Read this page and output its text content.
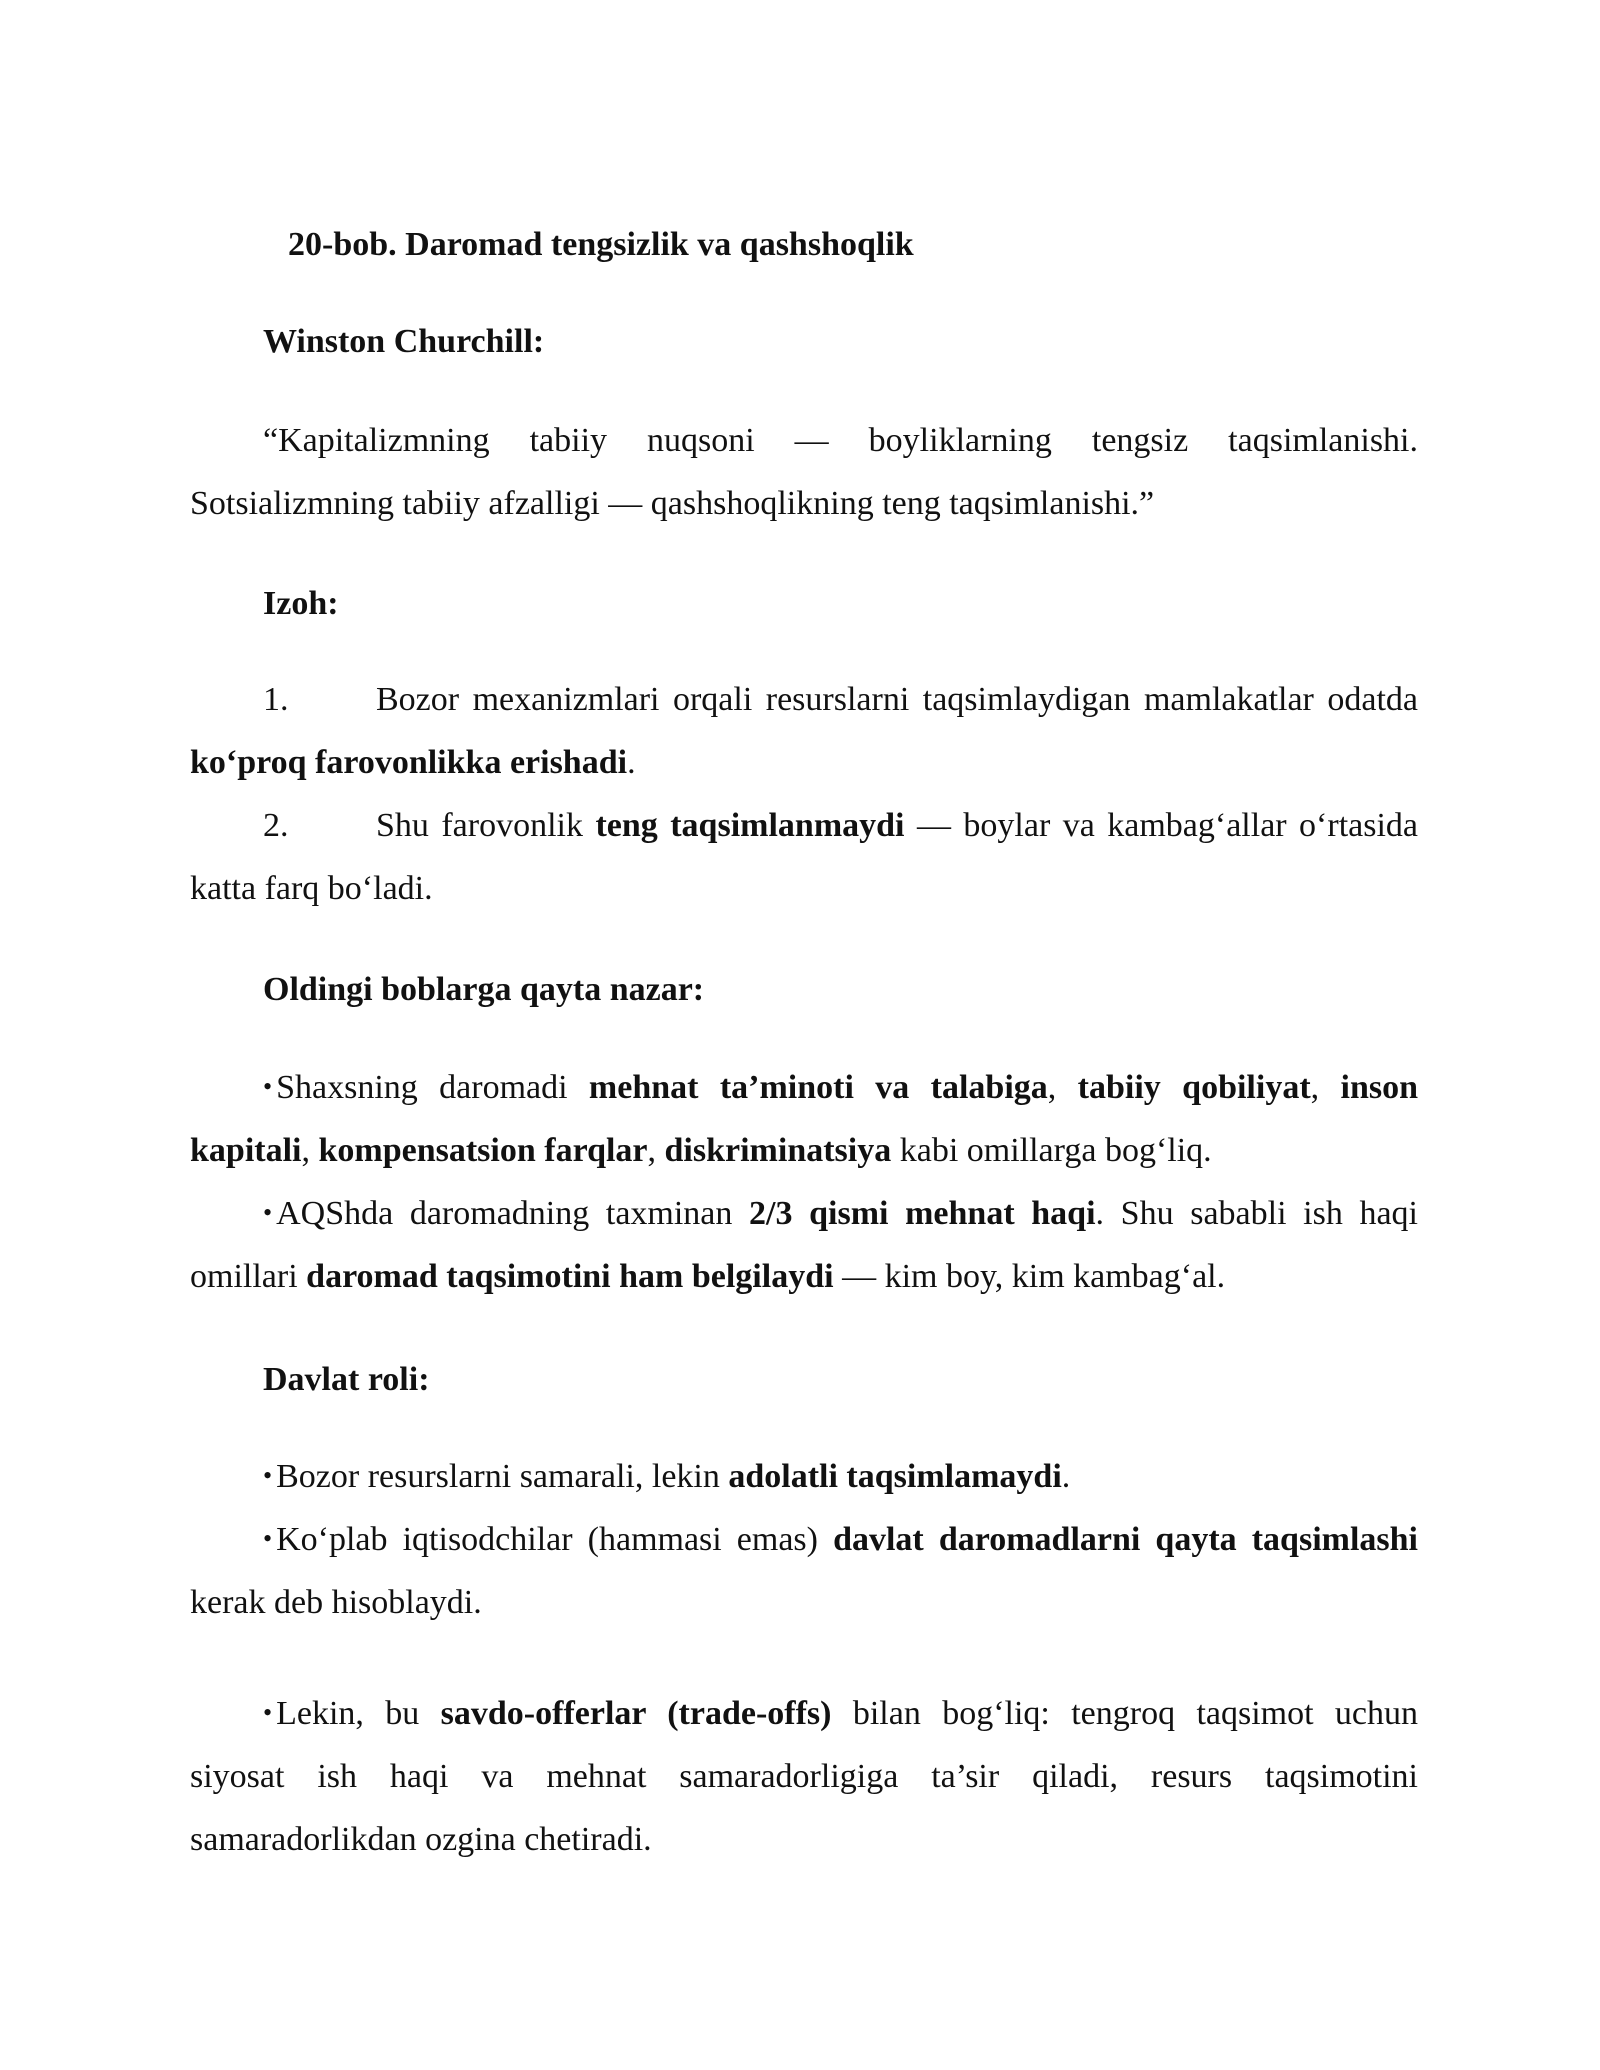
20-bob. Daromad tengsizlik va qashshoqlik
Winston Churchill:

“Kapitalizmning tabiiy nuqsoni — boyliklarning tengsiz taqsimlanishi. Sotsializmning tabiiy afzalligi — qashshoqlikning teng taqsimlanishi.”

Izoh:

1.	Bozor mexanizmlari orqali resurslarni taqsimlaydigan mamlakatlar odatda ko‘proq farovonlikka erishadi.

2.	Shu farovonlik teng taqsimlanmaydi — boylar va kambag‘allar o‘rtasida katta farq bo‘ladi.

Oldingi boblarga qayta nazar:

• Shaxsning daromadi mehnat ta’minoti va talabiga, tabiiy qobiliyat, inson kapitali, kompensatsion farqlar, diskriminatsiya kabi omillarga bog‘liq.

• AQShda daromadning taxminan 2/3 qismi mehnat haqi. Shu sababli ish haqi omillari daromad taqsimotini ham belgilaydi — kim boy, kim kambag‘al.

Davlat roli:

• Bozor resurslarni samarali, lekin adolatli taqsimlamaydi.

• Ko‘plab iqtisodchilar (hammasi emas) davlat daromadlarni qayta taqsimlashi kerak deb hisoblaydi.

• Lekin, bu savdo-offerlar (trade-offs) bilan bog‘liq: tengroq taqsimot uchun siyosat ish haqi va mehnat samaradorligiga ta’sir qiladi, resurs taqsimotini samaradorlikdan ozgina chetiradi.
